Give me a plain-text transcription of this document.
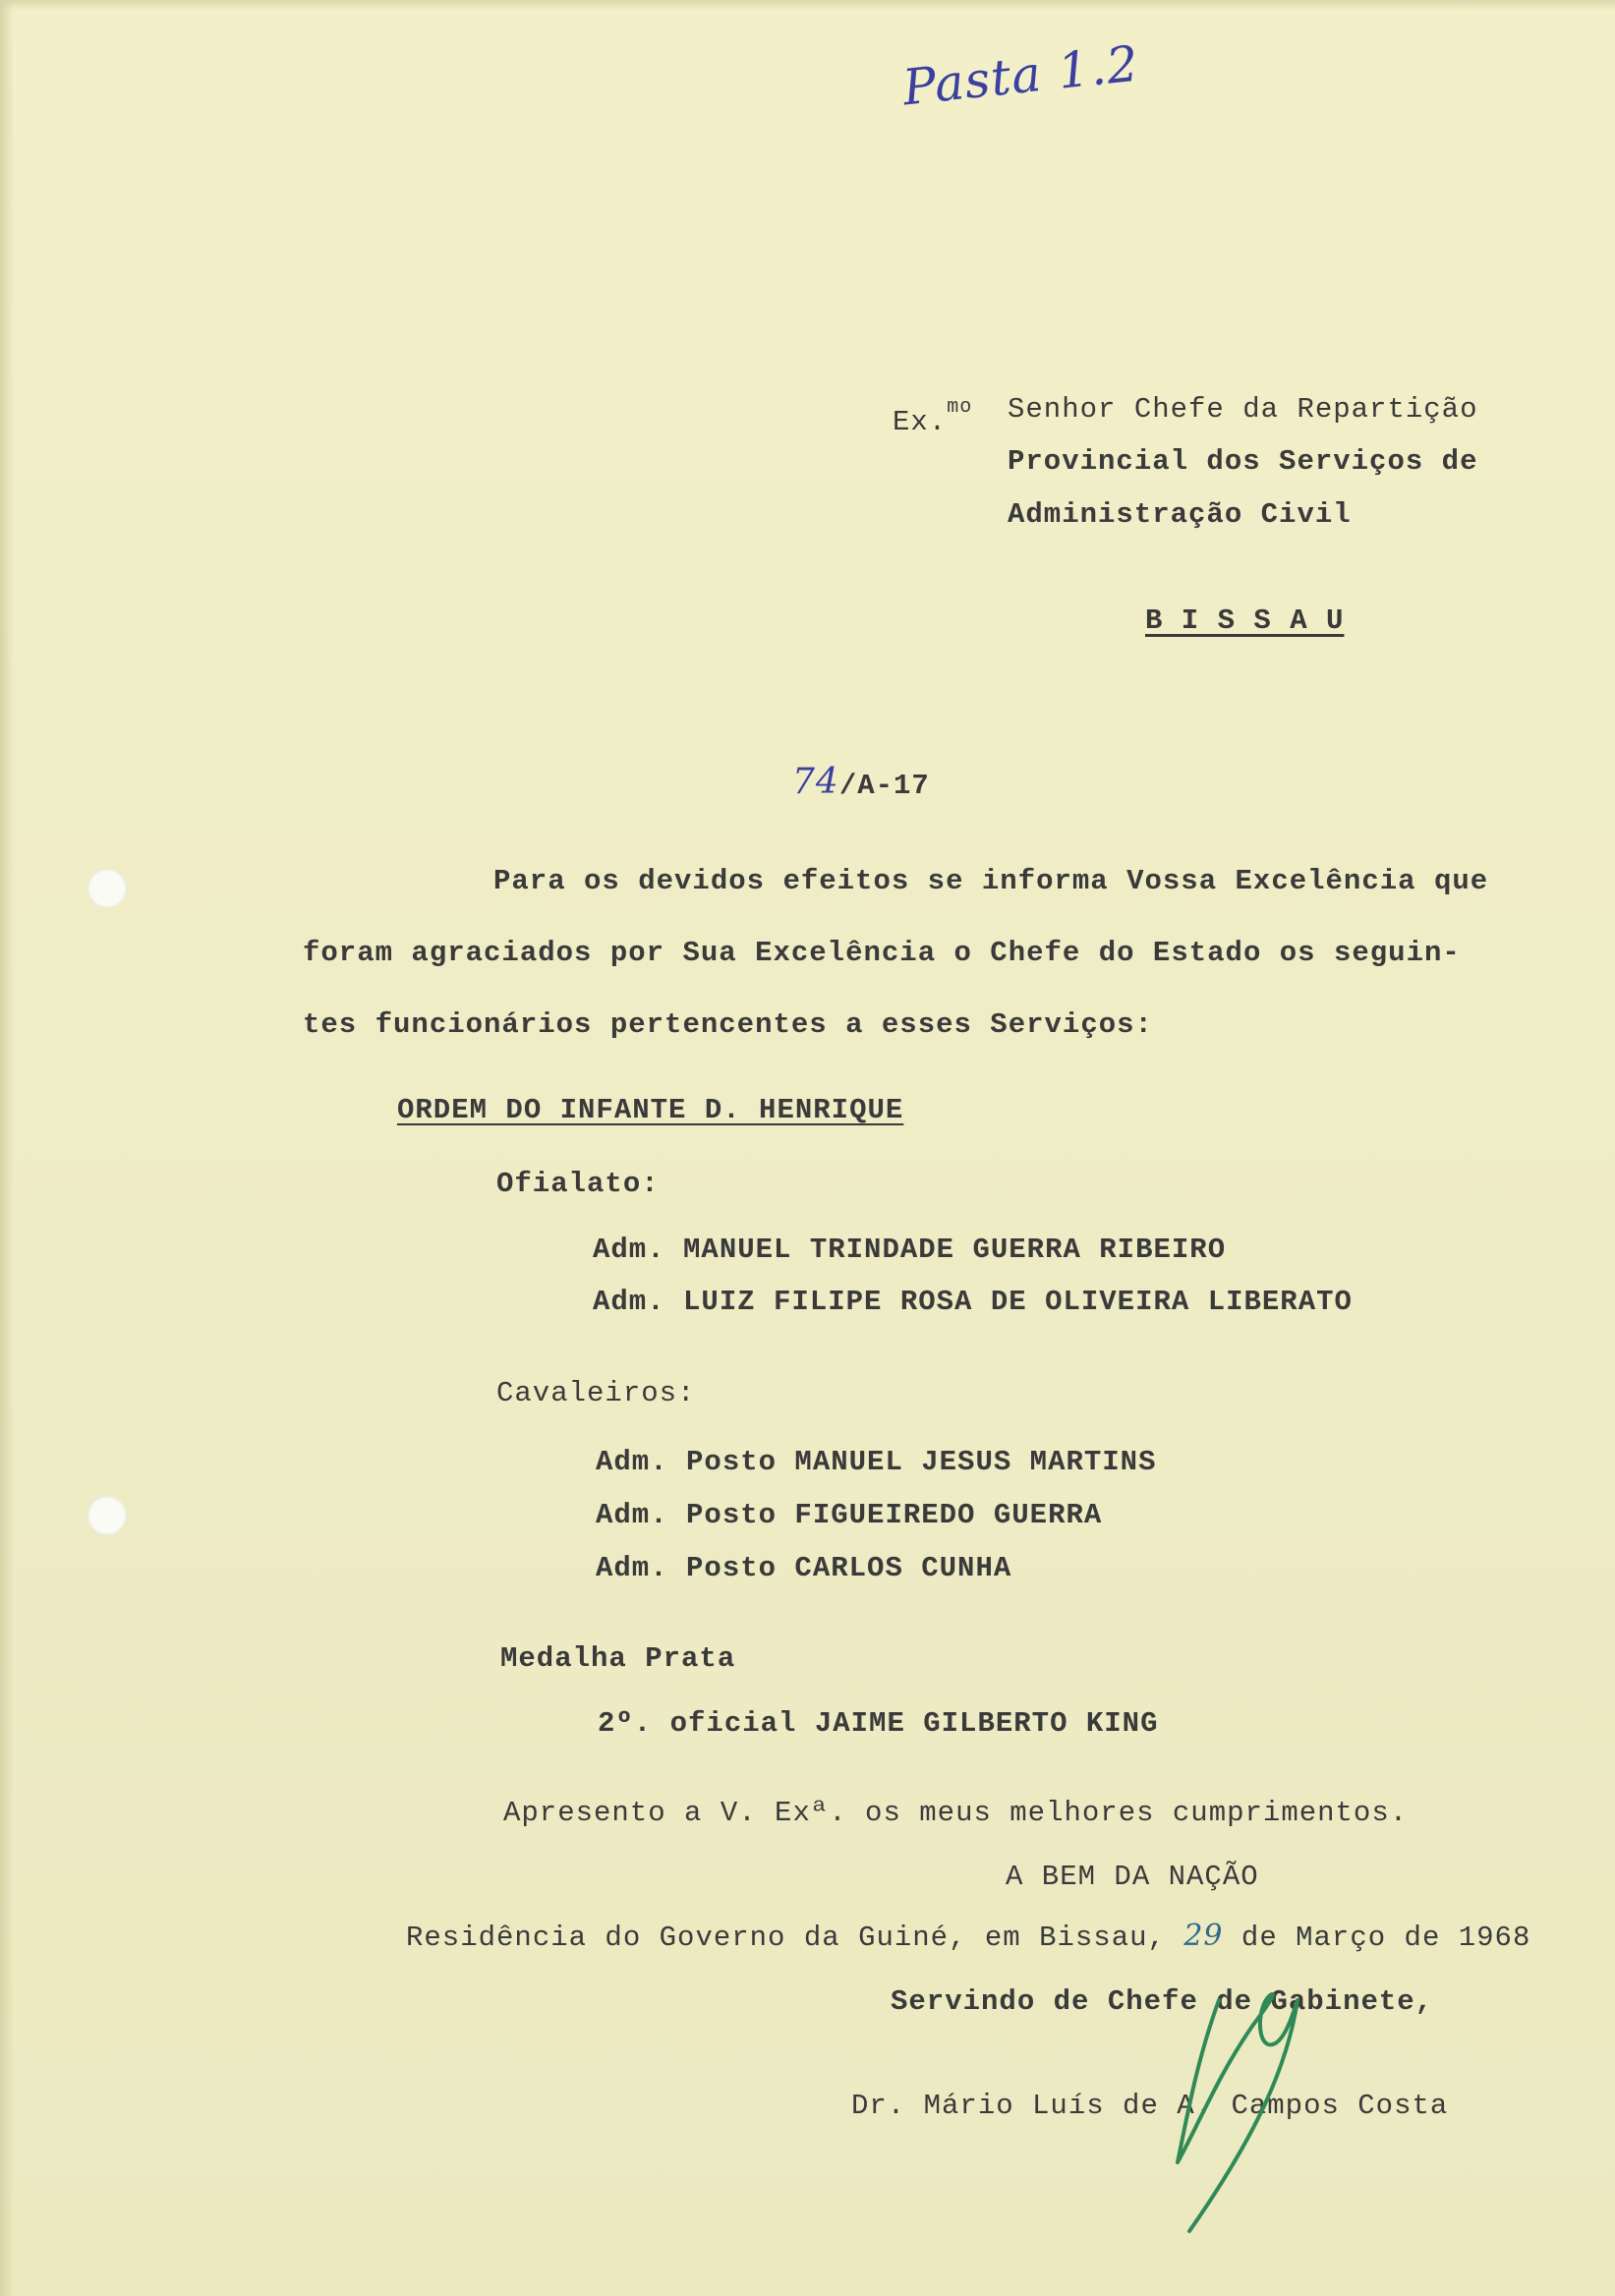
Pasta 1.2
Ex.$^{mo}$ Senhor Chefe da Repartição
Provincial dos Serviços de
Administração Civil
B I S S A U
74/A-17
Para os devidos efeitos se informa Vossa Excelência que
foram agraciados por Sua Excelência o Chefe do Estado os seguin-
tes funcionários pertencentes a esses Serviços:
ORDEM DO INFANTE D. HENRIQUE
Ofialato:
Adm. MANUEL TRINDADE GUERRA RIBEIRO
Adm. LUIZ FILIPE ROSA DE OLIVEIRA LIBERATO
Cavaleiros:
Adm. Posto MANUEL JESUS MARTINS
Adm. Posto FIGUEIREDO GUERRA
Adm. Posto CARLOS CUNHA
Medalha Prata
2º. oficial JAIME GILBERTO KING
Apresento a V. Exª. os meus melhores cumprimentos.
A BEM DA NAÇÃO
Residência do Governo da Guiné, em Bissau, 29 de Março de 1968
Servindo de Chefe de Gabinete,
Dr. Mário Luís de A. Campos Costa
